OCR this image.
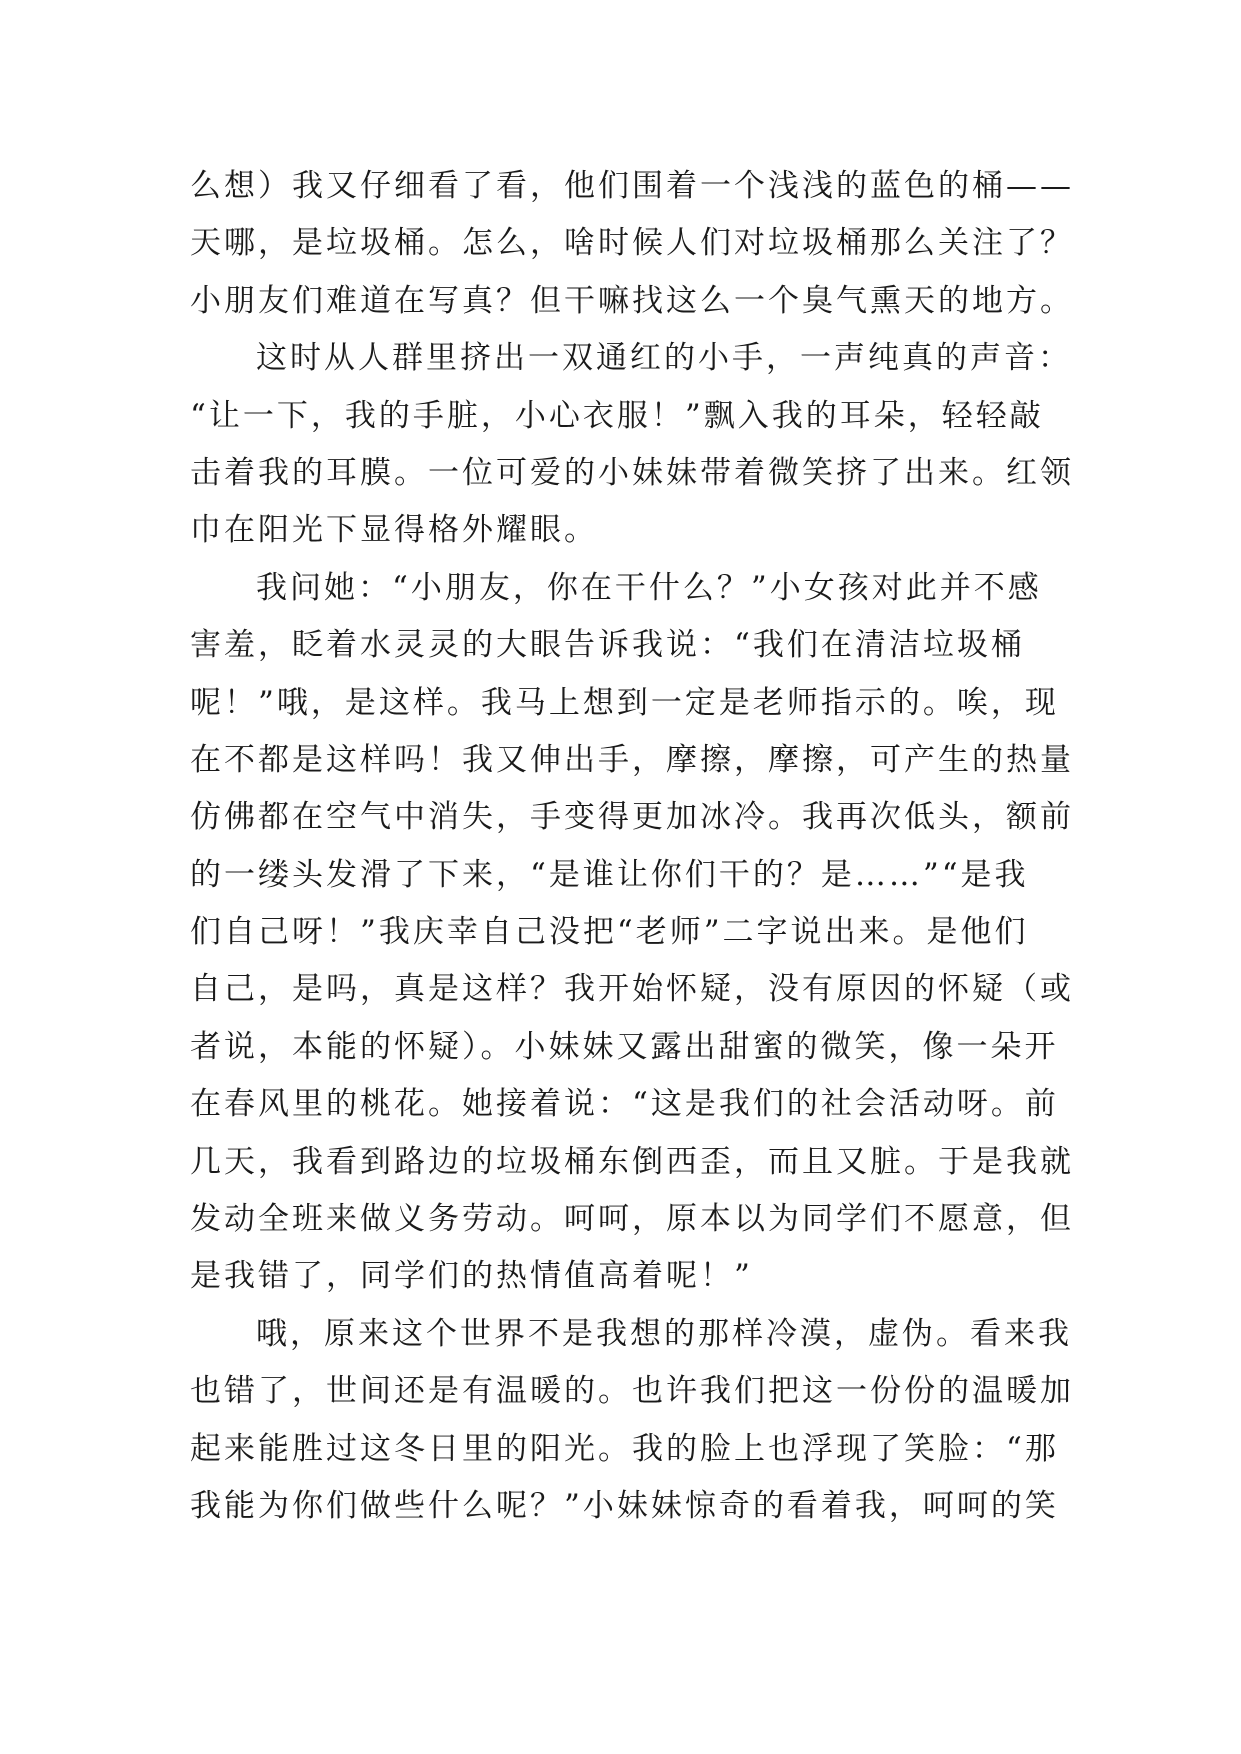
么想）我又仔细看了看，他们围着一个浅浅的蓝色的桶——
天哪，是垃圾桶。怎么，啥时候人们对垃圾桶那么关注了？
小朋友们难道在写真？但干嘛找这么一个臭气熏天的地方。
这时从人群里挤出一双通红的小手，一声纯真的声音：
“让一下，我的手脏，小心衣服！”飘入我的耳朵，轻轻敲
击着我的耳膜。一位可爱的小妹妹带着微笑挤了出来。红领
巾在阳光下显得格外耀眼。
我问她：“小朋友，你在干什么？”小女孩对此并不感
害羞，眨着水灵灵的大眼告诉我说：“我们在清洁垃圾桶
呢！”哦，是这样。我马上想到一定是老师指示的。唉，现
在不都是这样吗！我又伸出手，摩擦，摩擦，可产生的热量
仿佛都在空气中消失，手变得更加冰冷。我再次低头，额前
的一缕头发滑了下来，“是谁让你们干的？是……”“是我
们自己呀！”我庆幸自己没把“老师”二字说出来。是他们
自己，是吗，真是这样？我开始怀疑，没有原因的怀疑（或
者说，本能的怀疑）。小妹妹又露出甜蜜的微笑，像一朵开
在春风里的桃花。她接着说：“这是我们的社会活动呀。前
几天，我看到路边的垃圾桶东倒西歪，而且又脏。于是我就
发动全班来做义务劳动。呵呵，原本以为同学们不愿意，但
是我错了，同学们的热情值高着呢！”
哦，原来这个世界不是我想的那样冷漠，虚伪。看来我
也错了，世间还是有温暖的。也许我们把这一份份的温暖加
起来能胜过这冬日里的阳光。我的脸上也浮现了笑脸：“那
我能为你们做些什么呢？”小妹妹惊奇的看着我，呵呵的笑
